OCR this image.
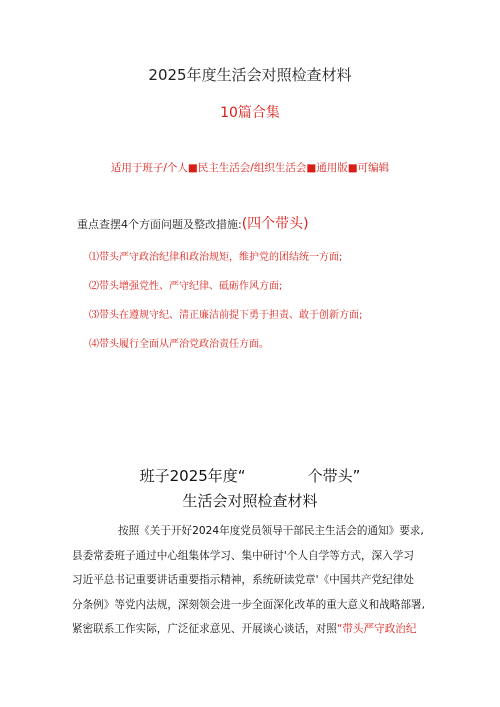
2025年度生活会对照检查材料
10篇合集
适用于班子/个人■民主生活会/组织生活会■通用版■可编辑
重点查摆4个方面问题及整改措施:(四个带头)
⑴带头严守政治纪律和政治规矩，维护党的团结统一方面;
⑵带头增强党性、严守纪律、砥砺作风方面;
⑶带头在遵规守纪、清正廉洁前提下勇于担责、敢于创新方面;
⑷带头履行全面从严治党政治责任方面。
班子2025年度“	个带头”
生活会对照检查材料
按照《关于开好2024年度党员领导干部民主生活会的通知》要求,
县委常委班子通过中心组集体学习、集中研讨'个人自学等方式，深入学习
习近平总书记重要讲话重要指示精神，系统研读党章'《中国共产党纪律处
分条例》等党内法规，深刻领会进一步全面深化改革的重大意义和战略部署,
紧密联系工作实际，广泛征求意见、开展谈心谈话，对照“带头严守政治纪
